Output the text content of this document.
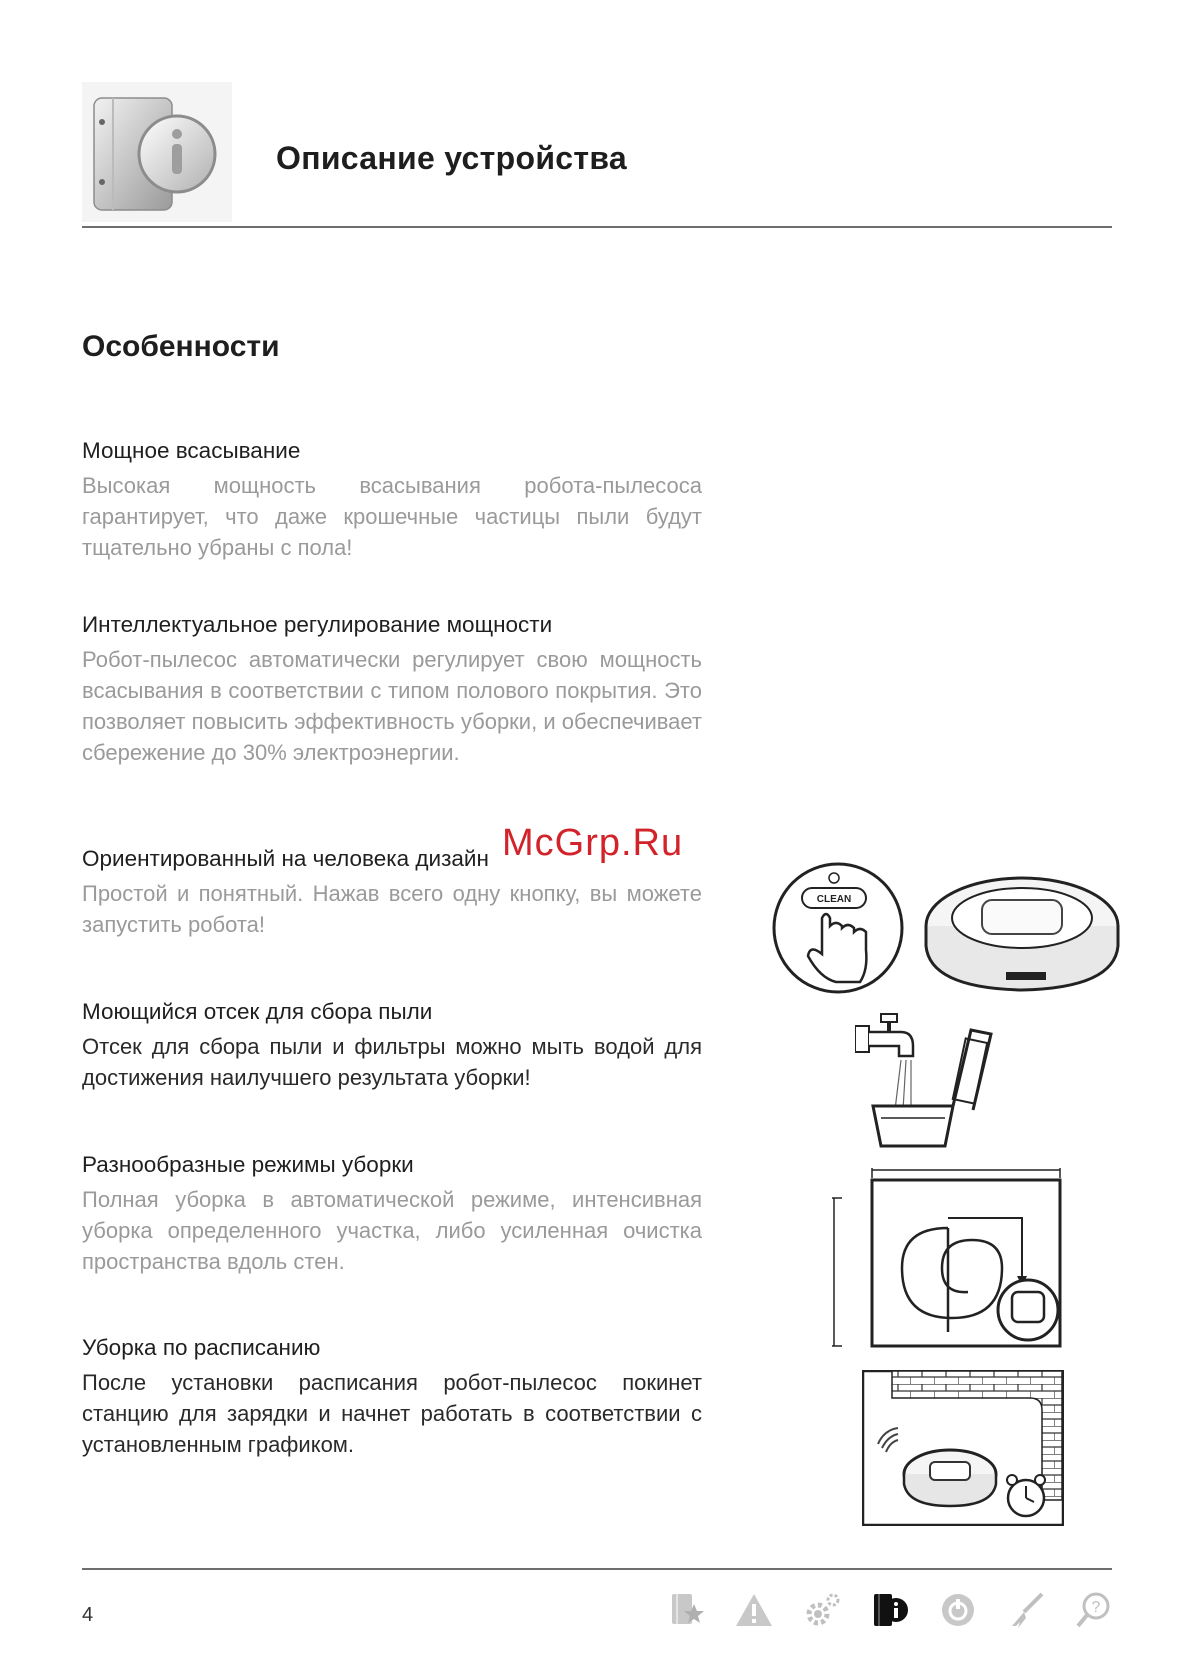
Описание устройства
Особенности
Мощное всасывание

Высокая мощность всасывания робота-пылесоса гарантирует, что даже крошечные частицы пыли будут тщательно убраны с пола!

Интеллектуальное регулирование мощности

Робот-пылесос автоматически регулирует свою мощность всасывания в соответствии с типом полового покрытия. Это позволяет повысить эффективность уборки, и обеспечивает сбережение до 30% электроэнергии.

Ориентированный на человека дизайн

Простой и понятный. Нажав всего одну кнопку, вы можете запустить робота!

Моющийся отсек для сбора пыли

Отсек для сбора пыли и фильтры можно мыть водой для достижения наилучшего результата уборки!

Разнообразные режимы уборки

Полная уборка в автоматической режиме, интенсивная уборка определенного участка, либо усиленная очистка пространства вдоль стен.

Уборка по расписанию

После установки расписания робот-пылесос покинет станцию для зарядки и начнет работать в соответствии с установленным графиком.

McGrp.Ru
CLEAN
4	?
